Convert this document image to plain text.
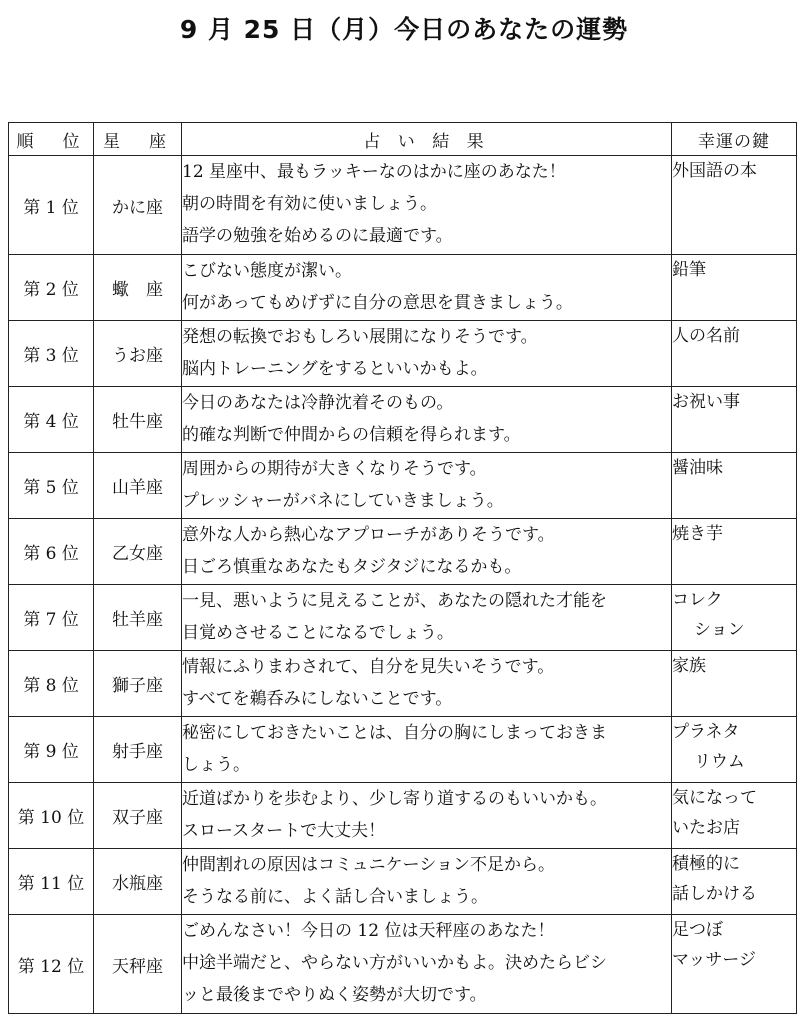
9 月 25 日（月）今日のあなたの運勢
順　位	星　座	占 い 結 果	幸運の鍵
第 1 位	かに座	12 星座中、最もラッキーなのはかに座のあなた！
朝の時間を有効に使いましょう。
語学の勉強を始めるのに最適です。	外国語の本

第 2 位	蠍　座	こびない態度が潔い。
何があってもめげずに自分の意思を貫きましょう。	鉛筆

第 3 位	うお座	発想の転換でおもしろい展開になりそうです。
脳内トレーニングをするといいかもよ。	人の名前

第 4 位	牡牛座	今日のあなたは冷静沈着そのもの。
的確な判断で仲間からの信頼を得られます。	お祝い事

第 5 位	山羊座	周囲からの期待が大きくなりそうです。
プレッシャーがバネにしていきましょう。	醤油味

第 6 位	乙女座	意外な人から熱心なアプローチがありそうです。
日ごろ慎重なあなたもタジタジになるかも。	焼き芋

第 7 位	牡羊座	一見、悪いように見えることが、あなたの隠れた才能を
目覚めさせることになるでしょう。	コレク
ション

第 8 位	獅子座	情報にふりまわされて、自分を見失いそうです。
すべてを鵜呑みにしないことです。	家族

第 9 位	射手座	秘密にしておきたいことは、自分の胸にしまっておきま
しょう。	プラネタ
リウム

第 10 位	双子座	近道ばかりを歩むより、少し寄り道するのもいいかも。
スロースタートで大丈夫！	気になって
いたお店

第 11 位	水瓶座	仲間割れの原因はコミュニケーション不足から。
そうなる前に、よく話し合いましょう。	積極的に
話しかける

第 12 位	天秤座	ごめんなさい！今日の 12 位は天秤座のあなた！
中途半端だと、やらない方がいいかもよ。決めたらビシ
ッと最後までやりぬく姿勢が大切です。	足つぼ
マッサージ
